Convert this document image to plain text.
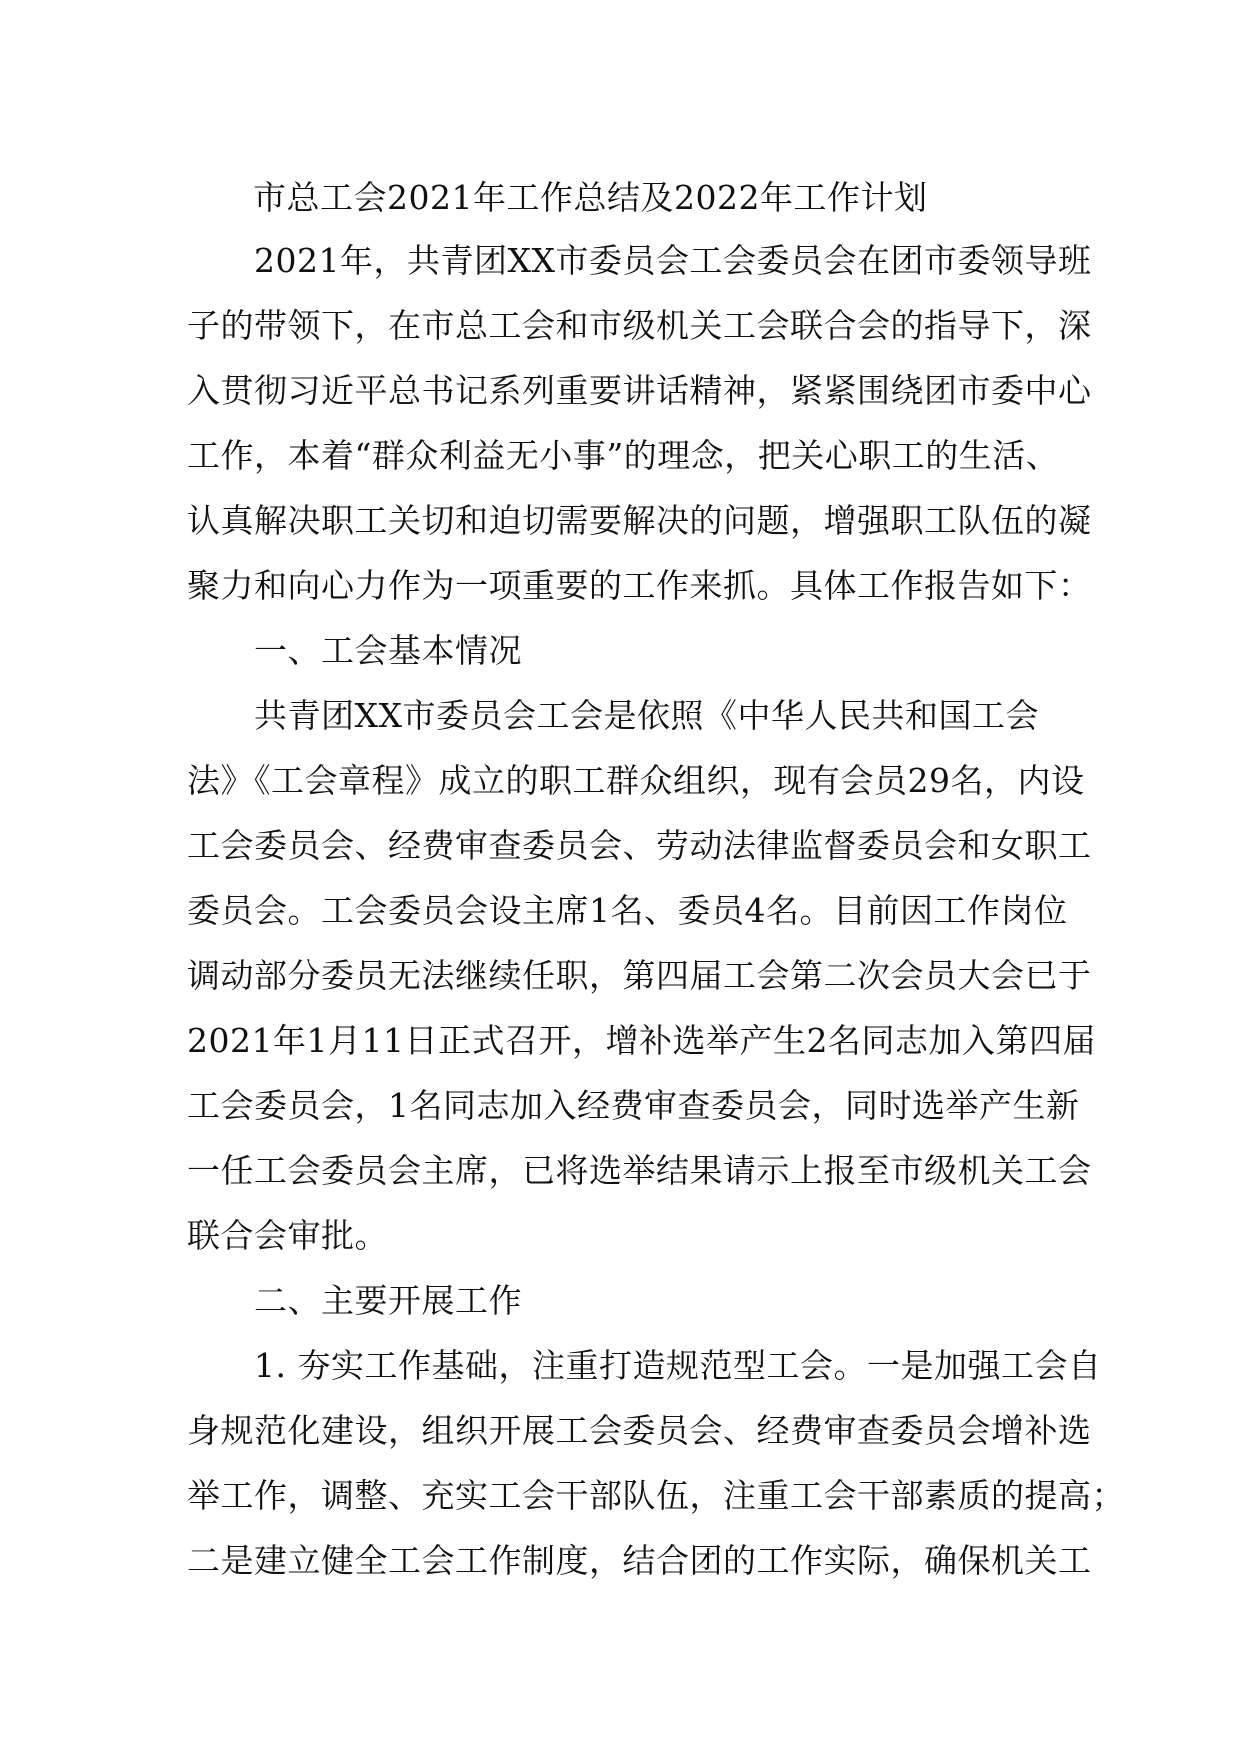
市总工会2021年工作总结及2022年工作计划
　　2021年，共青团XX市委员会工会委员会在团市委领导班
子的带领下，在市总工会和市级机关工会联合会的指导下，深
入贯彻习近平总书记系列重要讲话精神，紧紧围绕团市委中心
工作，本着“群众利益无小事”的理念，把关心职工的生活、
认真解决职工关切和迫切需要解决的问题，增强职工队伍的凝
聚力和向心力作为一项重要的工作来抓。具体工作报告如下：
　　一、工会基本情况
　　共青团XX市委员会工会是依照《中华人民共和国工会
法》《工会章程》成立的职工群众组织，现有会员29名，内设
工会委员会、经费审查委员会、劳动法律监督委员会和女职工
委员会。工会委员会设主席1名、委员4名。目前因工作岗位
调动部分委员无法继续任职，第四届工会第二次会员大会已于
2021年1月11日正式召开，增补选举产生2名同志加入第四届
工会委员会，1名同志加入经费审查委员会，同时选举产生新
一任工会委员会主席，已将选举结果请示上报至市级机关工会
联合会审批。
　　二、主要开展工作
　　1. 夯实工作基础，注重打造规范型工会。一是加强工会自
身规范化建设，组织开展工会委员会、经费审查委员会增补选
举工作，调整、充实工会干部队伍，注重工会干部素质的提高；
二是建立健全工会工作制度，结合团的工作实际，确保机关工
